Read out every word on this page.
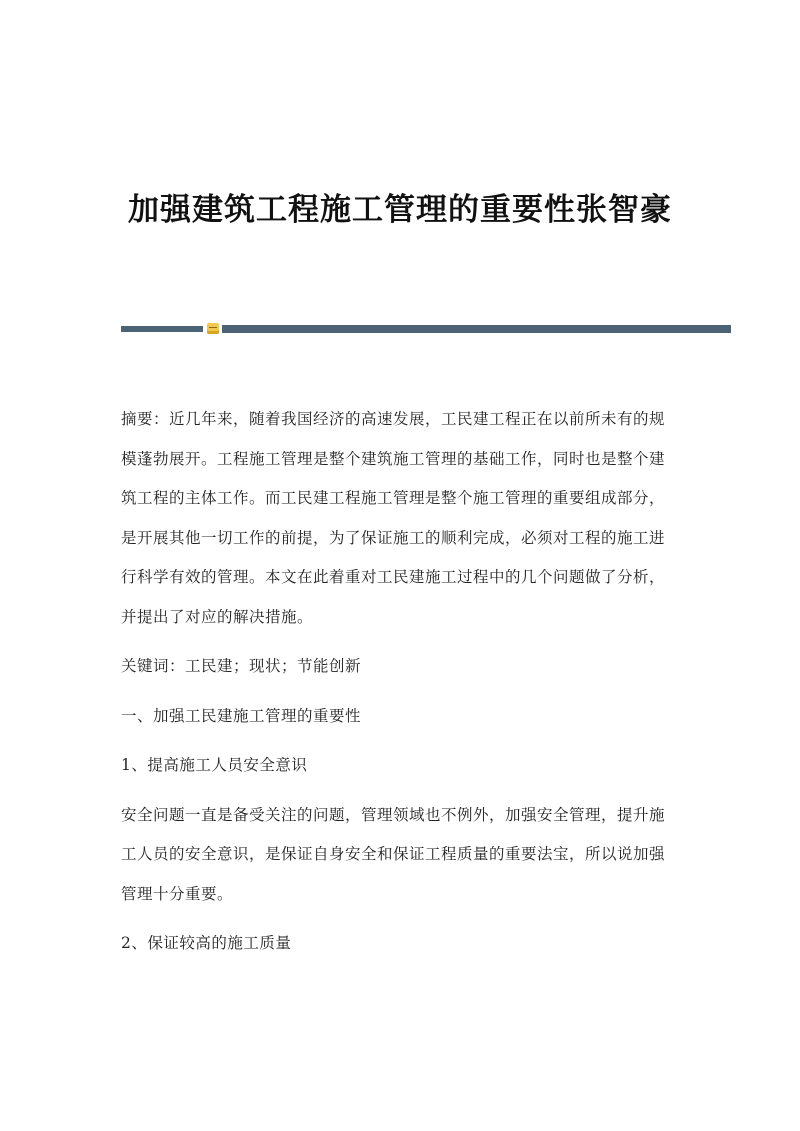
加强建筑工程施工管理的重要性张智豪

摘要：近几年来，随着我国经济的高速发展，工民建工程正在以前所未有的规

模蓬勃展开。工程施工管理是整个建筑施工管理的基础工作，同时也是整个建

筑工程的主体工作。而工民建工程施工管理是整个施工管理的重要组成部分，

是开展其他一切工作的前提，为了保证施工的顺利完成，必须对工程的施工进

行科学有效的管理。本文在此着重对工民建施工过程中的几个问题做了分析，

并提出了对应的解决措施。

关键词：工民建；现状；节能创新

一、加强工民建施工管理的重要性

1、提高施工人员安全意识

安全问题一直是备受关注的问题，管理领域也不例外，加强安全管理，提升施

工人员的安全意识，是保证自身安全和保证工程质量的重要法宝，所以说加强

管理十分重要。

2、保证较高的施工质量
